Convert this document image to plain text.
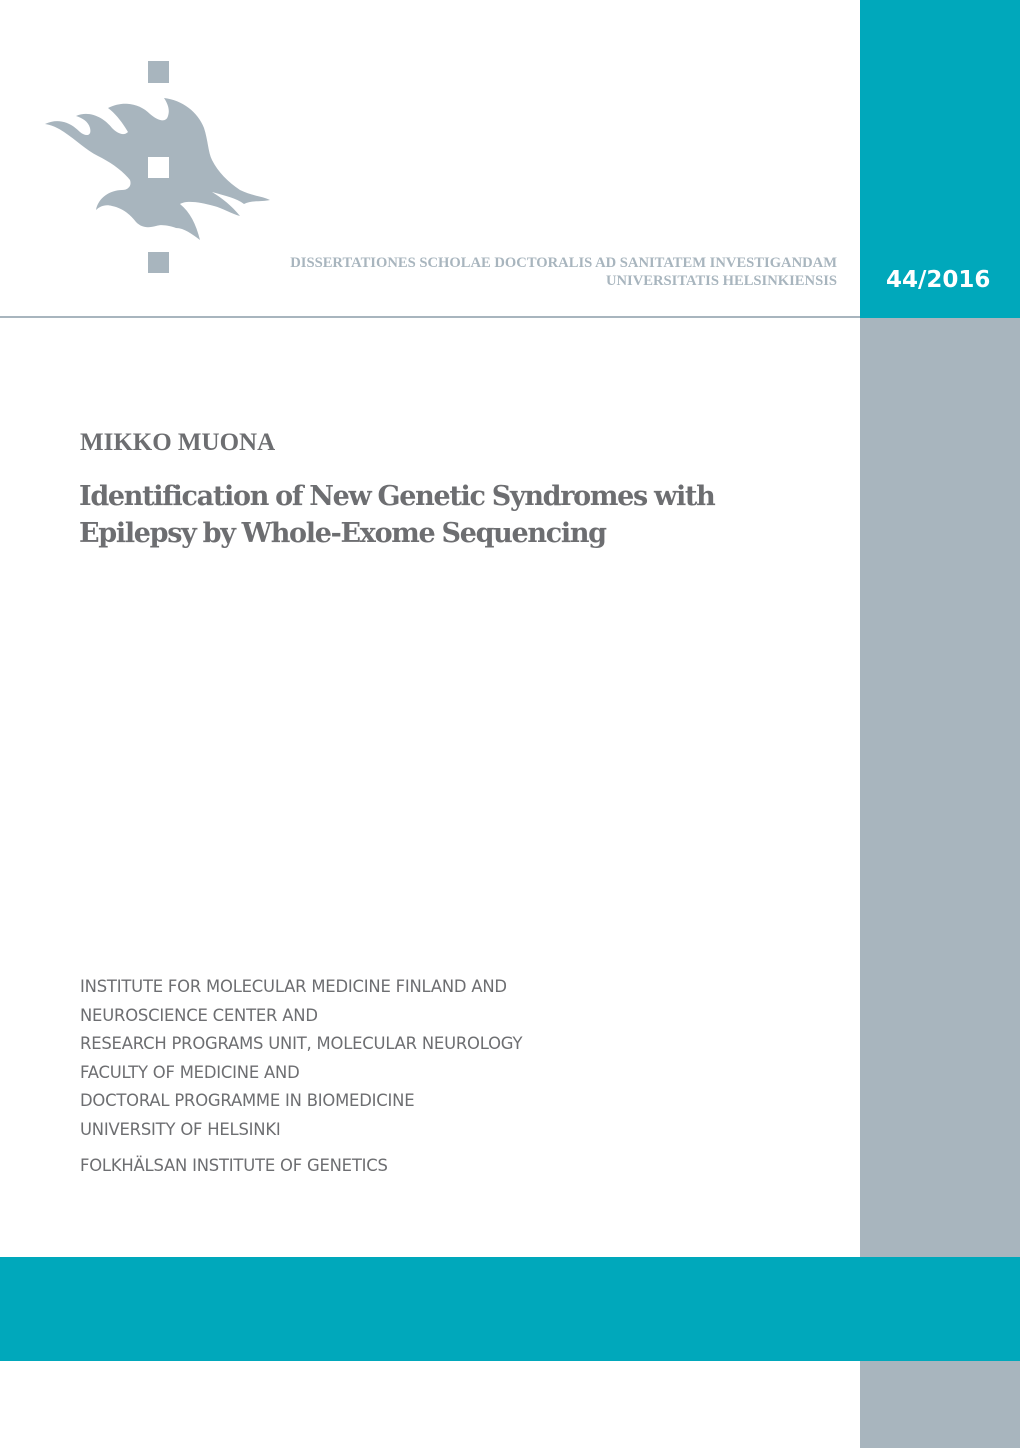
44/2016
DISSERTATIONES SCHOLAE DOCTORALIS AD SANITATEM INVESTIGANDAM
UNIVERSITATIS HELSINKIENSIS
MIKKO MUONA
Identification of New Genetic Syndromes with
Epilepsy by Whole-Exome Sequencing
INSTITUTE FOR MOLECULAR MEDICINE FINLAND AND
NEUROSCIENCE CENTER AND
RESEARCH PROGRAMS UNIT, MOLECULAR NEUROLOGY
FACULTY OF MEDICINE AND
DOCTORAL PROGRAMME IN BIOMEDICINE
UNIVERSITY OF HELSINKI
FOLKHÄLSAN INSTITUTE OF GENETICS
